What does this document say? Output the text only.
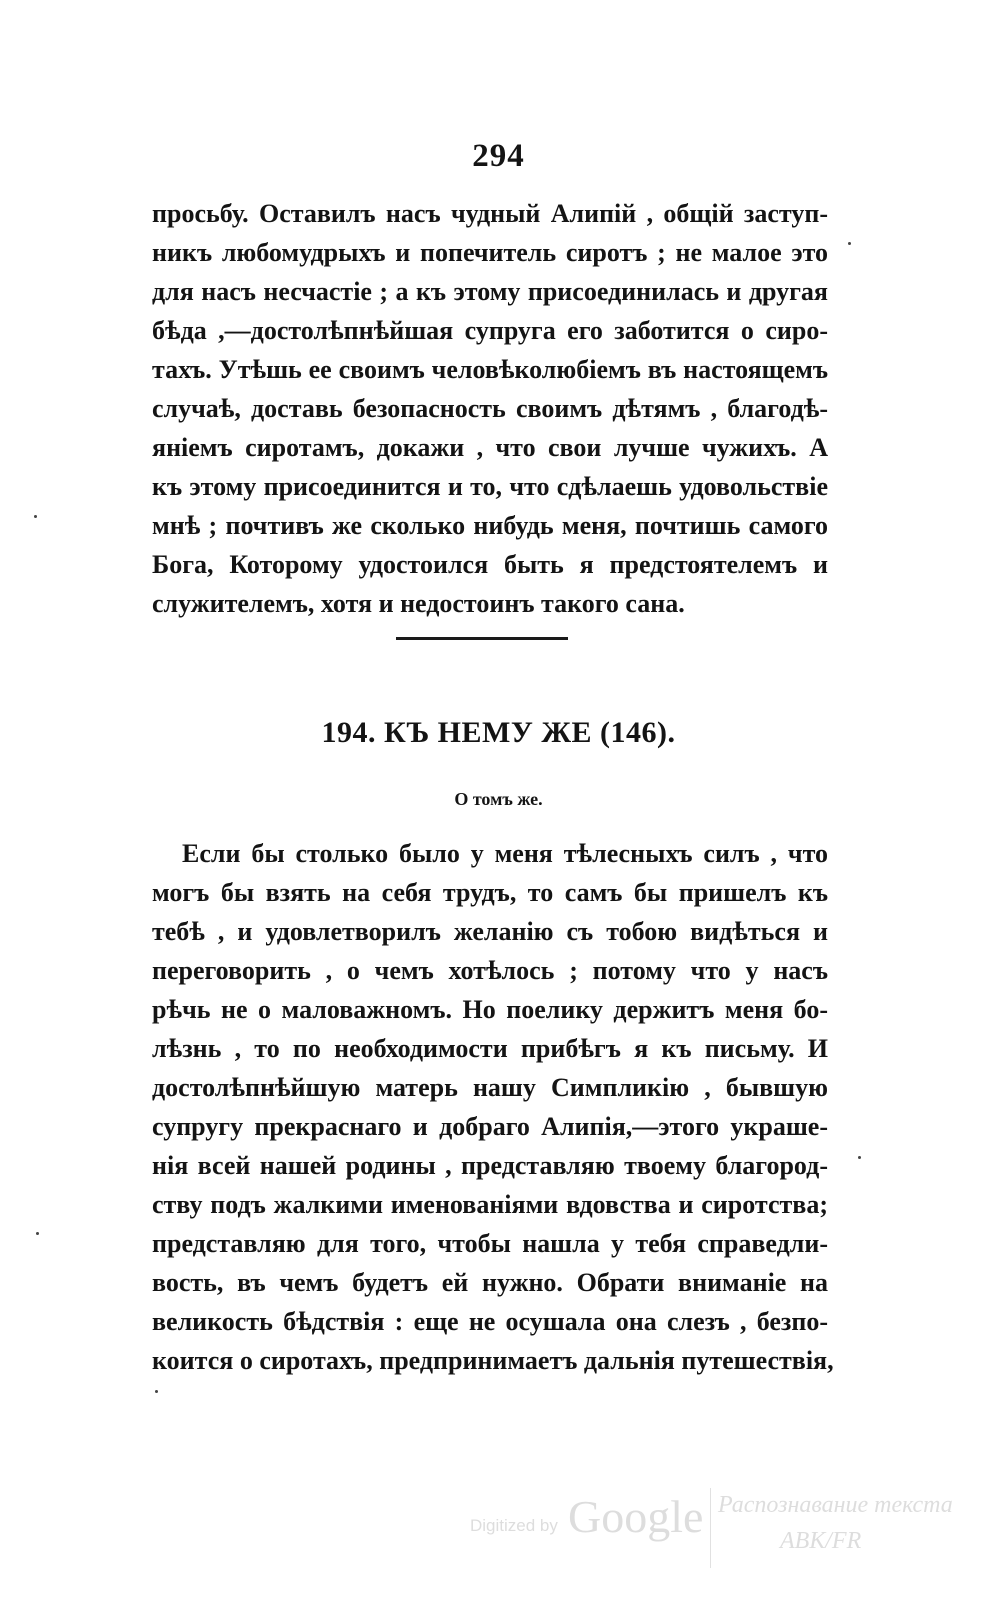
294
просьбу. Оставилъ насъ чудный Алипій , общій заступ-
никъ любомудрыхъ и попечитель сиротъ ; не малое это
для насъ несчастіе ; а къ этому присоединилась и другая
бѣда ,—достолѣпнѣйшая супруга его заботится о сиро-
тахъ. Утѣшь ее своимъ человѣколюбіемъ въ настоящемъ
случаѣ, доставь безопасность своимъ дѣтямъ , благодѣ-
яніемъ сиротамъ, докажи , что свои лучше чужихъ. А
къ этому присоединится и то, что сдѣлаешь удовольствіе
мнѣ ; почтивъ же сколько нибудь меня, почтишь самого
Бога, Которому удостоился быть я предстоятелемъ и
служителемъ, хотя и недостоинъ такого сана.
194. КЪ НЕМУ ЖЕ (146).
О томъ же.
Если бы столько было у меня тѣлесныхъ силъ , что
могъ бы взять на себя трудъ, то самъ бы пришелъ къ
тебѣ , и удовлетворилъ желанію съ тобою видѣться и
переговорить , о чемъ хотѣлось ; потому что у насъ
рѣчь не о маловажномъ. Но поелику держитъ меня бо-
лѣзнь , то по необходимости прибѣгъ я къ письму. И
достолѣпнѣйшую матерь нашу Симпликію , бывшую
супругу прекраснаго и добраго Алипія,—этого украше-
нія всей нашей родины , представляю твоему благород-
ству подъ жалкими именованіями вдовства и сиротства;
представляю для того, чтобы нашла у тебя справедли-
вость, въ чемъ будетъ ей нужно. Обрати вниманіе на
великость бѣдствія : еще не осушала она слезъ , безпо-
коится о сиротахъ, предпринимаетъ дальнія путешествія,
Digitized by Google Распознавание текста
АВК/FR
